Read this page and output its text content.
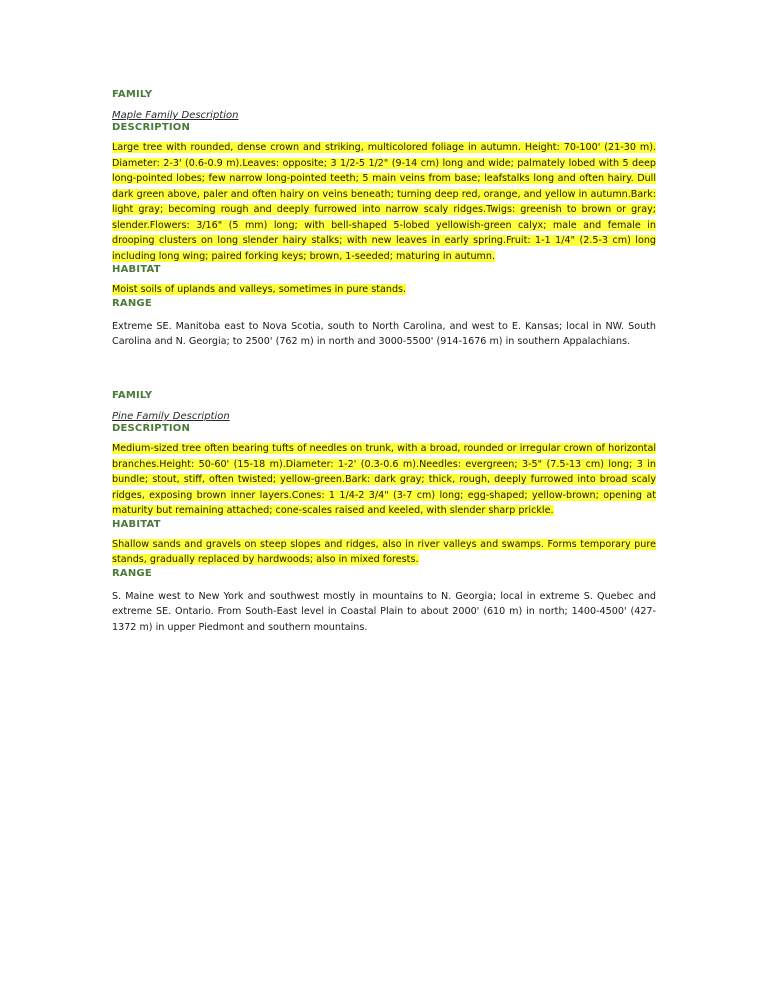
FAMILY
Maple Family Description
DESCRIPTION

Large tree with rounded, dense crown and striking, multicolored foliage in autumn. Height: 70-100' (21-30 m). Diameter: 2-3' (0.6-0.9 m).Leaves: opposite; 3 1/2-5 1/2" (9-14 cm) long and wide; palmately lobed with 5 deep long-pointed lobes; few narrow long-pointed teeth; 5 main veins from base; leafstalks long and often hairy. Dull dark green above, paler and often hairy on veins beneath; turning deep red, orange, and yellow in autumn.Bark: light gray; becoming rough and deeply furrowed into narrow scaly ridges.Twigs: greenish to brown or gray; slender.Flowers: 3/16" (5 mm) long; with bell-shaped 5-lobed yellowish-green calyx; male and female in drooping clusters on long slender hairy stalks; with new leaves in early spring.Fruit: 1-1 1/4" (2.5-3 cm) long including long wing; paired forking keys; brown, 1-seeded; maturing in autumn.

HABITAT

Moist soils of uplands and valleys, sometimes in pure stands.

RANGE

Extreme SE. Manitoba east to Nova Scotia, south to North Carolina, and west to E. Kansas; local in NW. South Carolina and N. Georgia; to 2500' (762 m) in north and 3000-5500' (914-1676 m) in southern Appalachians.

FAMILY
Pine Family Description
DESCRIPTION

Medium-sized tree often bearing tufts of needles on trunk, with a broad, rounded or irregular crown of horizontal branches.Height: 50-60' (15-18 m).Diameter: 1-2' (0.3-0.6 m).Needles: evergreen; 3-5" (7.5-13 cm) long; 3 in bundle; stout, stiff, often twisted; yellow-green.Bark: dark gray; thick, rough, deeply furrowed into broad scaly ridges, exposing brown inner layers.Cones: 1 1/4-2 3/4" (3-7 cm) long; egg-shaped; yellow-brown; opening at maturity but remaining attached; cone-scales raised and keeled, with slender sharp prickle.

HABITAT

Shallow sands and gravels on steep slopes and ridges, also in river valleys and swamps. Forms temporary pure stands, gradually replaced by hardwoods; also in mixed forests.

RANGE

S. Maine west to New York and southwest mostly in mountains to N. Georgia; local in extreme S. Quebec and extreme SE. Ontario. From South-East level in Coastal Plain to about 2000' (610 m) in north; 1400-4500' (427-1372 m) in upper Piedmont and southern mountains.
